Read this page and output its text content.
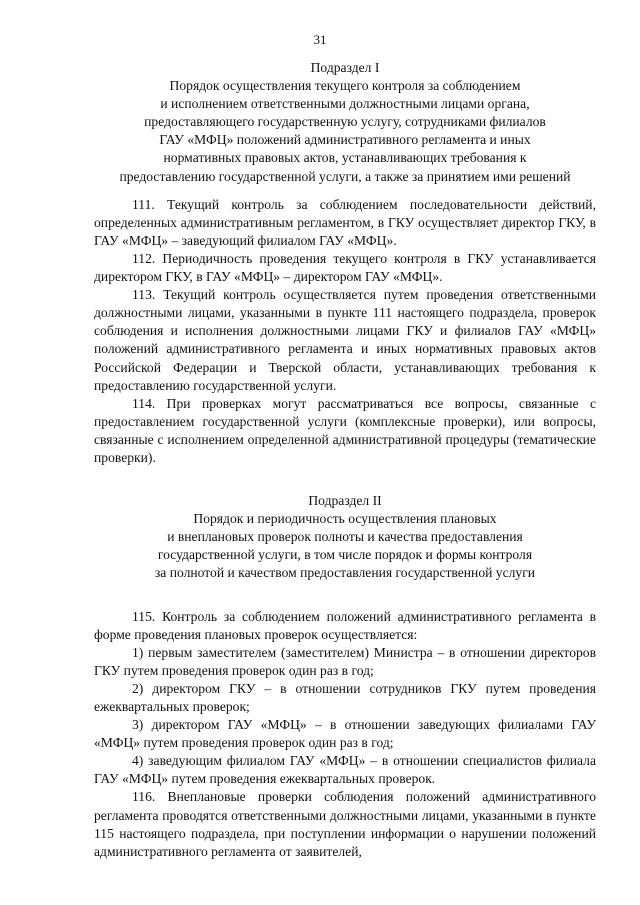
31
Подраздел I
Порядок осуществления текущего контроля за соблюдением
и исполнением ответственными должностными лицами органа,
предоставляющего государственную услугу, сотрудниками филиалов
ГАУ «МФЦ» положений административного регламента и иных
нормативных правовых актов, устанавливающих требования к
предоставлению государственной услуги, а также за принятием ими решений

111. Текущий контроль за соблюдением последовательности действий, определенных административным регламентом, в ГКУ осуществляет директор ГКУ, в ГАУ «МФЦ» – заведующий филиалом ГАУ «МФЦ».

112. Периодичность проведения текущего контроля в ГКУ устанавливается директором ГКУ, в ГАУ «МФЦ» – директором ГАУ «МФЦ».

113. Текущий контроль осуществляется путем проведения ответственными должностными лицами, указанными в пункте 111 настоящего подраздела, проверок соблюдения и исполнения должностными лицами ГКУ и филиалов ГАУ «МФЦ» положений административного регламента и иных нормативных правовых актов Российской Федерации и Тверской области, устанавливающих требования к предоставлению государственной услуги.

114. При проверках могут рассматриваться все вопросы, связанные с предоставлением государственной услуги (комплексные проверки), или вопросы, связанные с исполнением определенной административной процедуры (тематические проверки).

Подраздел II
Порядок и периодичность осуществления плановых
и внеплановых проверок полноты и качества предоставления
государственной услуги, в том числе порядок и формы контроля
за полнотой и качеством предоставления государственной услуги

115. Контроль за соблюдением положений административного регламента в форме проведения плановых проверок осуществляется:

1) первым заместителем (заместителем) Министра – в отношении директоров ГКУ путем проведения проверок один раз в год;

2) директором ГКУ – в отношении сотрудников ГКУ путем проведения ежеквартальных проверок;

3) директором ГАУ «МФЦ» – в отношении заведующих филиалами ГАУ «МФЦ» путем проведения проверок один раз в год;

4) заведующим филиалом ГАУ «МФЦ» – в отношении специалистов филиала ГАУ «МФЦ» путем проведения ежеквартальных проверок.

116. Внеплановые проверки соблюдения положений административного регламента проводятся ответственными должностными лицами, указанными в пункте 115 настоящего подраздела, при поступлении информации о нарушении положений административного регламента от заявителей,
